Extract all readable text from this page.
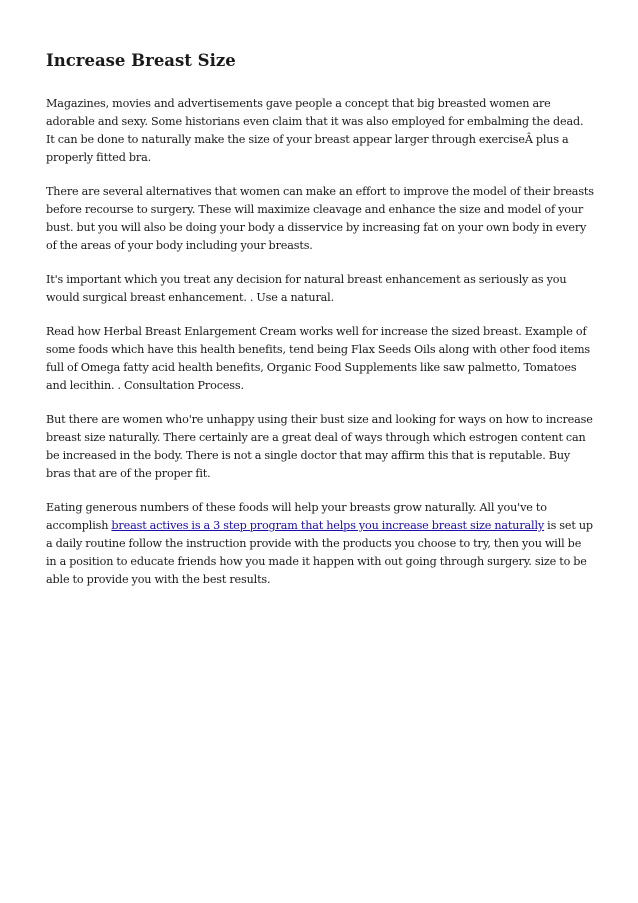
Increase Breast Size

Magazines, movies and advertisements gave people a concept that big breasted women are adorable and sexy. Some historians even claim that it was also employed for embalming the dead. It can be done to naturally make the size of your breast appear larger through exerciseÂ plus a properly fitted bra.

There are several alternatives that women can make an effort to improve the model of their breasts before recourse to surgery. These will maximize cleavage and enhance the size and model of your bust. but you will also be doing your body a disservice by increasing fat on your own body in every of the areas of your body including your breasts.

It's important which you treat any decision for natural breast enhancement as seriously as you would surgical breast enhancement. . Use a natural.

Read how Herbal Breast Enlargement Cream works well for increase the sized breast. Example of some foods which have this health benefits, tend being Flax Seeds Oils along with other food items full of Omega fatty acid health benefits, Organic Food Supplements like saw palmetto, Tomatoes and lecithin. . Consultation Process.

But there are women who're unhappy using their bust size and looking for ways on how to increase breast size naturally. There certainly are a great deal of ways through which estrogen content can be increased in the body. There is not a single doctor that may affirm this that is reputable. Buy bras that are of the proper fit.

Eating generous numbers of these foods will help your breasts grow naturally. All you've to accomplish breast actives is a 3 step program that helps you increase breast size naturally is set up a daily routine follow the instruction provide with the products you choose to try, then you will be in a position to educate friends how you made it happen with out going through surgery. size to be able to provide you with the best results.
